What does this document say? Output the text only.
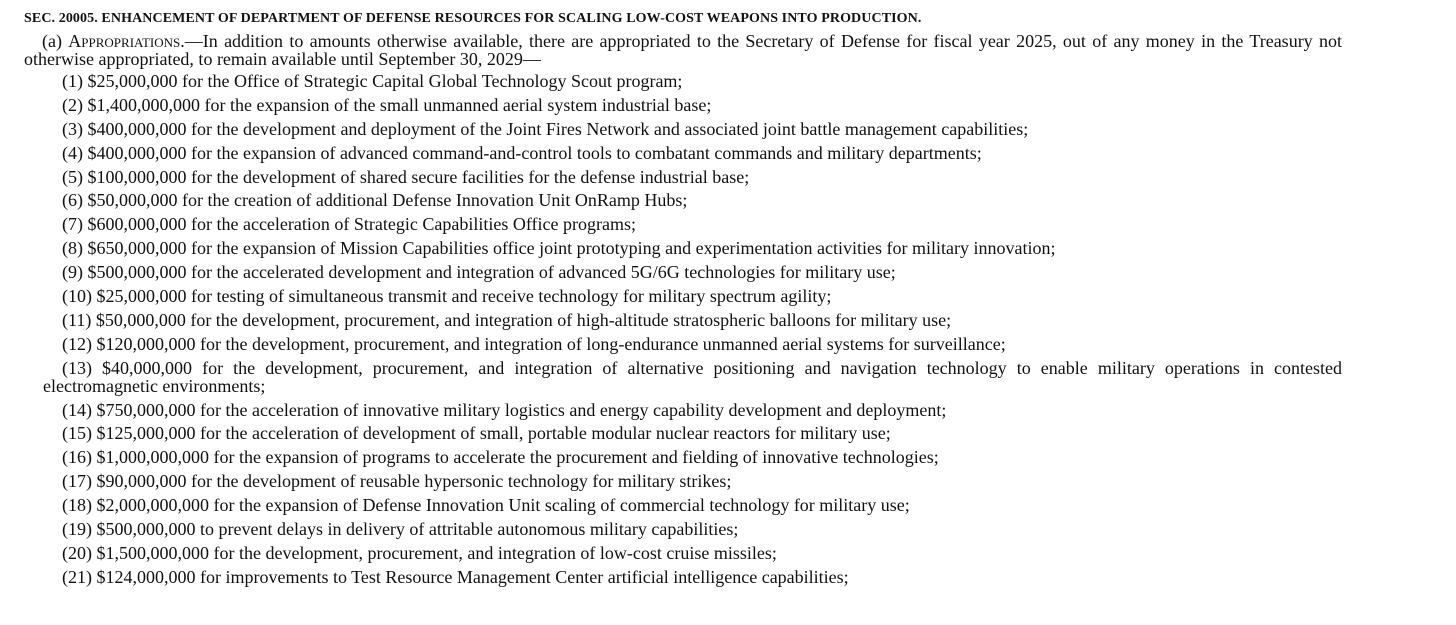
SEC. 20005. ENHANCEMENT OF DEPARTMENT OF DEFENSE RESOURCES FOR SCALING LOW-COST WEAPONS INTO PRODUCTION.

(a) Appropriations.—In addition to amounts otherwise available, there are appropriated to the Secretary of Defense for fiscal year 2025, out of any money in the Treasury not otherwise appropriated, to remain available until September 30, 2029—

(1) $25,000,000 for the Office of Strategic Capital Global Technology Scout program;
(2) $1,400,000,000 for the expansion of the small unmanned aerial system industrial base;
(3) $400,000,000 for the development and deployment of the Joint Fires Network and associated joint battle management capabilities;
(4) $400,000,000 for the expansion of advanced command-and-control tools to combatant commands and military departments;
(5) $100,000,000 for the development of shared secure facilities for the defense industrial base;
(6) $50,000,000 for the creation of additional Defense Innovation Unit OnRamp Hubs;
(7) $600,000,000 for the acceleration of Strategic Capabilities Office programs;
(8) $650,000,000 for the expansion of Mission Capabilities office joint prototyping and experimentation activities for military innovation;
(9) $500,000,000 for the accelerated development and integration of advanced 5G/6G technologies for military use;
(10) $25,000,000 for testing of simultaneous transmit and receive technology for military spectrum agility;
(11) $50,000,000 for the development, procurement, and integration of high-altitude stratospheric balloons for military use;
(12) $120,000,000 for the development, procurement, and integration of long-endurance unmanned aerial systems for surveillance;
(13) $40,000,000 for the development, procurement, and integration of alternative positioning and navigation technology to enable military operations in contested electromagnetic environments;
(14) $750,000,000 for the acceleration of innovative military logistics and energy capability development and deployment;
(15) $125,000,000 for the acceleration of development of small, portable modular nuclear reactors for military use;
(16) $1,000,000,000 for the expansion of programs to accelerate the procurement and fielding of innovative technologies;
(17) $90,000,000 for the development of reusable hypersonic technology for military strikes;
(18) $2,000,000,000 for the expansion of Defense Innovation Unit scaling of commercial technology for military use;
(19) $500,000,000 to prevent delays in delivery of attritable autonomous military capabilities;
(20) $1,500,000,000 for the development, procurement, and integration of low-cost cruise missiles;
(21) $124,000,000 for improvements to Test Resource Management Center artificial intelligence capabilities;
